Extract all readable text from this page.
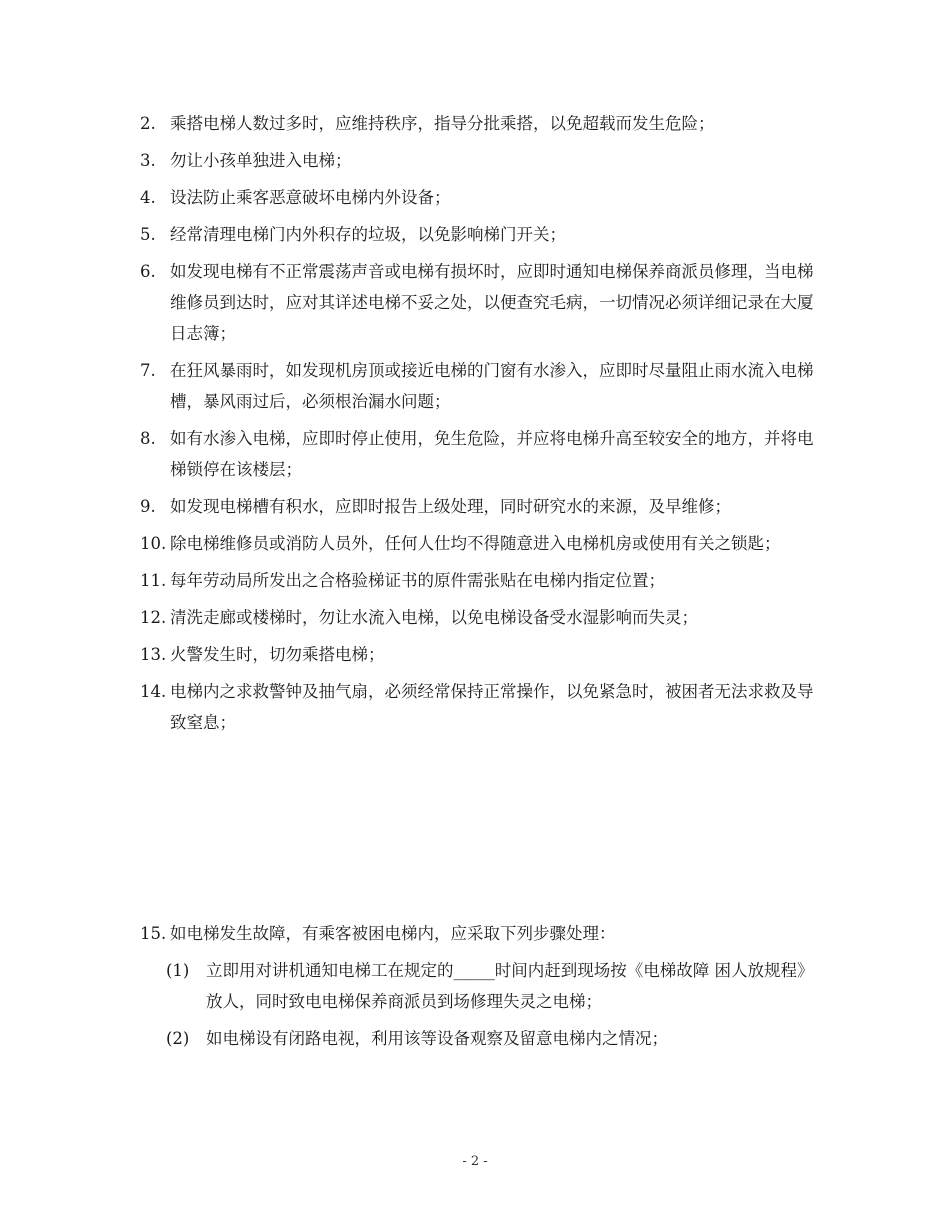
2. 乘搭电梯人数过多时，应维持秩序，指导分批乘搭，以免超载而发生危险；
3. 勿让小孩单独进入电梯；
4. 设法防止乘客恶意破坏电梯内外设备；
5. 经常清理电梯门内外积存的垃圾，以免影响梯门开关；
6. 如发现电梯有不正常震荡声音或电梯有损坏时，应即时通知电梯保养商派员修理，当电梯维修员到达时，应对其详述电梯不妥之处，以便查究毛病，一切情况必须详细记录在大厦日志簿；
7. 在狂风暴雨时，如发现机房顶或接近电梯的门窗有水渗入，应即时尽量阻止雨水流入电梯槽，暴风雨过后，必须根治漏水问题；
8. 如有水渗入电梯，应即时停止使用，免生危险，并应将电梯升高至较安全的地方，并将电梯锁停在该楼层；
9. 如发现电梯槽有积水，应即时报告上级处理，同时研究水的来源，及早维修；
10. 除电梯维修员或消防人员外，任何人仕均不得随意进入电梯机房或使用有关之锁匙；
11. 每年劳动局所发出之合格验梯证书的原件需张贴在电梯内指定位置；
12. 清洗走廊或楼梯时，勿让水流入电梯，以免电梯设备受水湿影响而失灵；
13. 火警发生时，切勿乘搭电梯；
14. 电梯内之求救警钟及抽气扇，必须经常保持正常操作，以免紧急时，被困者无法求救及导致窒息；
15. 如电梯发生故障，有乘客被困电梯内，应采取下列步骤处理：
(1) 立即用对讲机通知电梯工在规定的_____时间内赶到现场按《电梯故障 困人放规程》放人，同时致电电梯保养商派员到场修理失灵之电梯；
(2) 如电梯设有闭路电视，利用该等设备观察及留意电梯内之情况；
- 2 -
